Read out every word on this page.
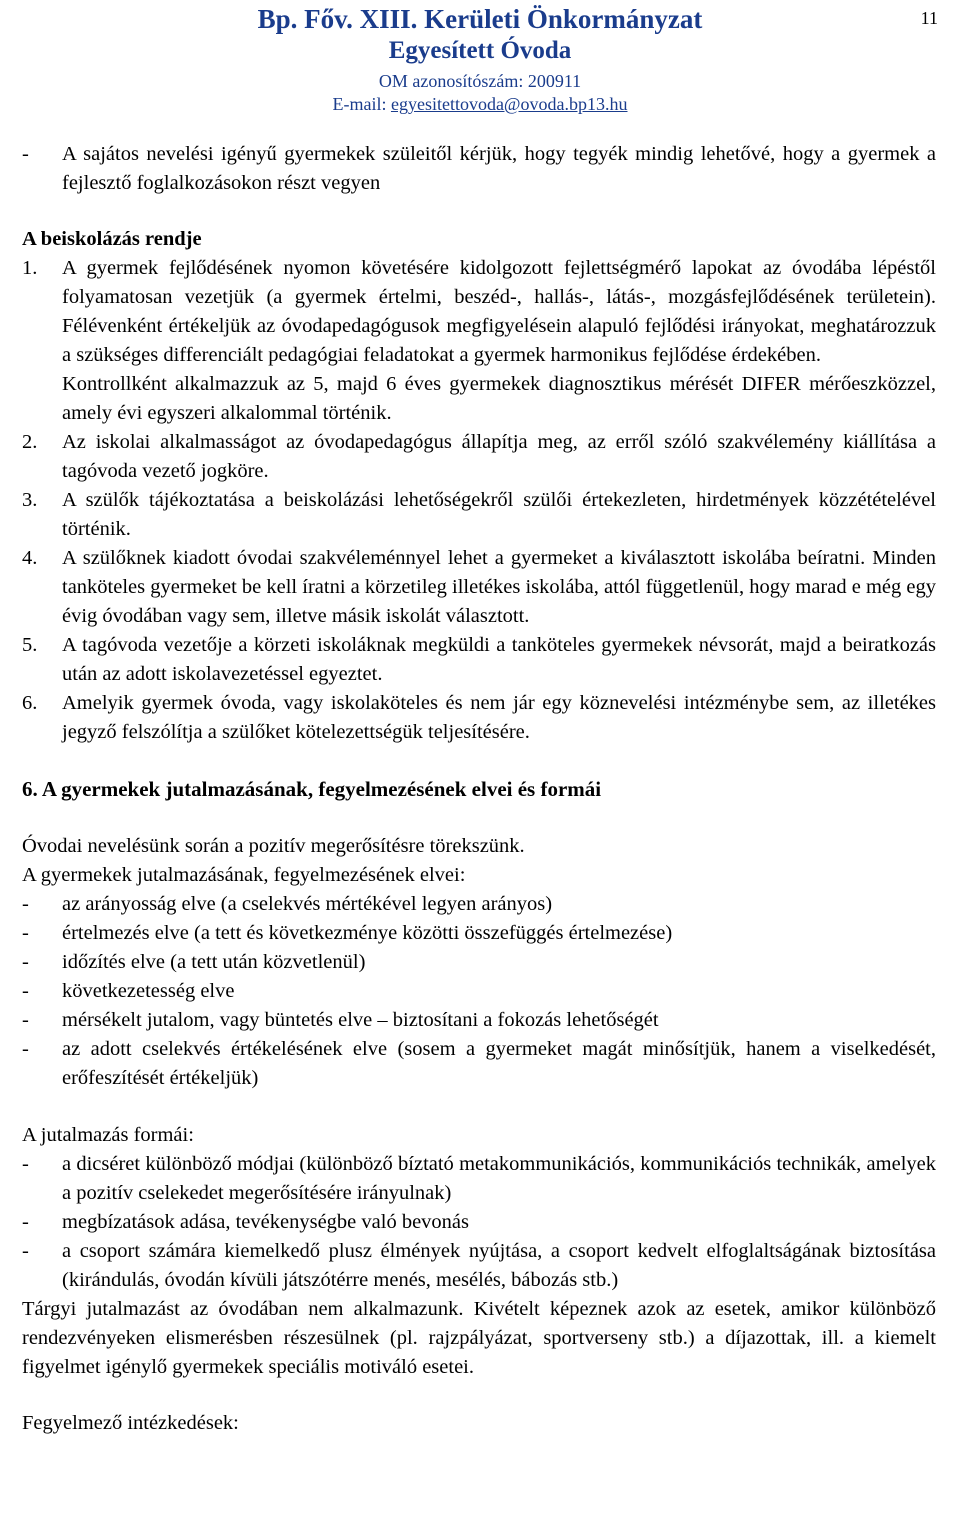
Bp. Főv. XIII. Kerületi Önkormányzat
Egyesített Óvoda
OM azonosítószám: 200911
E-mail: egyesitettovoda@ovoda.bp13.hu
11
-	A sajátos nevelési igényű gyermekek szüleitől kérjük, hogy tegyék mindig lehetővé, hogy a gyermek a fejlesztő foglalkozásokon részt vegyen
A beiskolázás rendje
1.	A gyermek fejlődésének nyomon követésére kidolgozott fejlettségmérő lapokat az óvodába lépéstől folyamatosan vezetjük (a gyermek értelmi, beszéd-, hallás-, látás-, mozgásfejlődésének területein). Félévenként értékeljük az óvodapedagógusok megfigyelésein alapuló fejlődési irányokat, meghatározzuk a szükséges differenciált pedagógiai feladatokat a gyermek harmonikus fejlődése érdekében.
Kontrollként alkalmazzuk az 5, majd 6 éves gyermekek diagnosztikus mérését DIFER mérőeszközzel, amely évi egyszeri alkalommal történik.
2.	Az iskolai alkalmasságot az óvodapedagógus állapítja meg, az erről szóló szakvélemény kiállítása a tagóvoda vezető jogköre.
3.	A szülők tájékoztatása a beiskolázási lehetőségekről szülői értekezleten, hirdetmények közzétételével történik.
4.	A szülőknek kiadott óvodai szakvéleménnyel lehet a gyermeket a kiválasztott iskolába beíratni. Minden tanköteles gyermeket be kell íratni a körzetileg illetékes iskolába, attól függetlenül, hogy marad e még egy évig óvodában vagy sem, illetve másik iskolát választott.
5.	A tagóvoda vezetője a körzeti iskoláknak megküldi a tanköteles gyermekek névsorát, majd a beiratkozás után az adott iskolavezetéssel egyeztet.
6.	Amelyik gyermek óvoda, vagy iskolaköteles és nem jár egy köznevelési intézménybe sem, az illetékes jegyző felszólítja a szülőket kötelezettségük teljesítésére.
6. A gyermekek jutalmazásának, fegyelmezésének elvei és formái
Óvodai nevelésünk során a pozitív megerősítésre törekszünk.
A gyermekek jutalmazásának, fegyelmezésének elvei:
-	az arányosság elve (a cselekvés mértékével legyen arányos)
-	értelmezés elve (a tett és következménye közötti összefüggés értelmezése)
-	időzítés elve (a tett után közvetlenül)
-	következetesség elve
-	mérsékelt jutalom, vagy büntetés elve – biztosítani a fokozás lehetőségét
-	az adott cselekvés értékelésének elve (sosem a gyermeket magát minősítjük, hanem a viselkedését, erőfeszítését értékeljük)
A jutalmazás formái:
-	a dicséret különböző módjai (különböző bíztató metakommunikációs, kommunikációs technikák, amelyek a pozitív cselekedet megerősítésére irányulnak)
-	megbízatások adása, tevékenységbe való bevonás
-	a csoport számára kiemelkedő plusz élmények nyújtása, a csoport kedvelt elfoglaltságának biztosítása (kirándulás, óvodán kívüli játszótérre menés, mesélés, bábozás stb.)
Tárgyi jutalmazást az óvodában nem alkalmazunk. Kivételt képeznek azok az esetek, amikor különböző rendezvényeken elismerésben részesülnek (pl. rajzpályázat, sportverseny stb.) a díjazottak, ill. a kiemelt figyelmet igénylő gyermekek speciális motiváló esetei.
Fegyelmező intézkedések:
